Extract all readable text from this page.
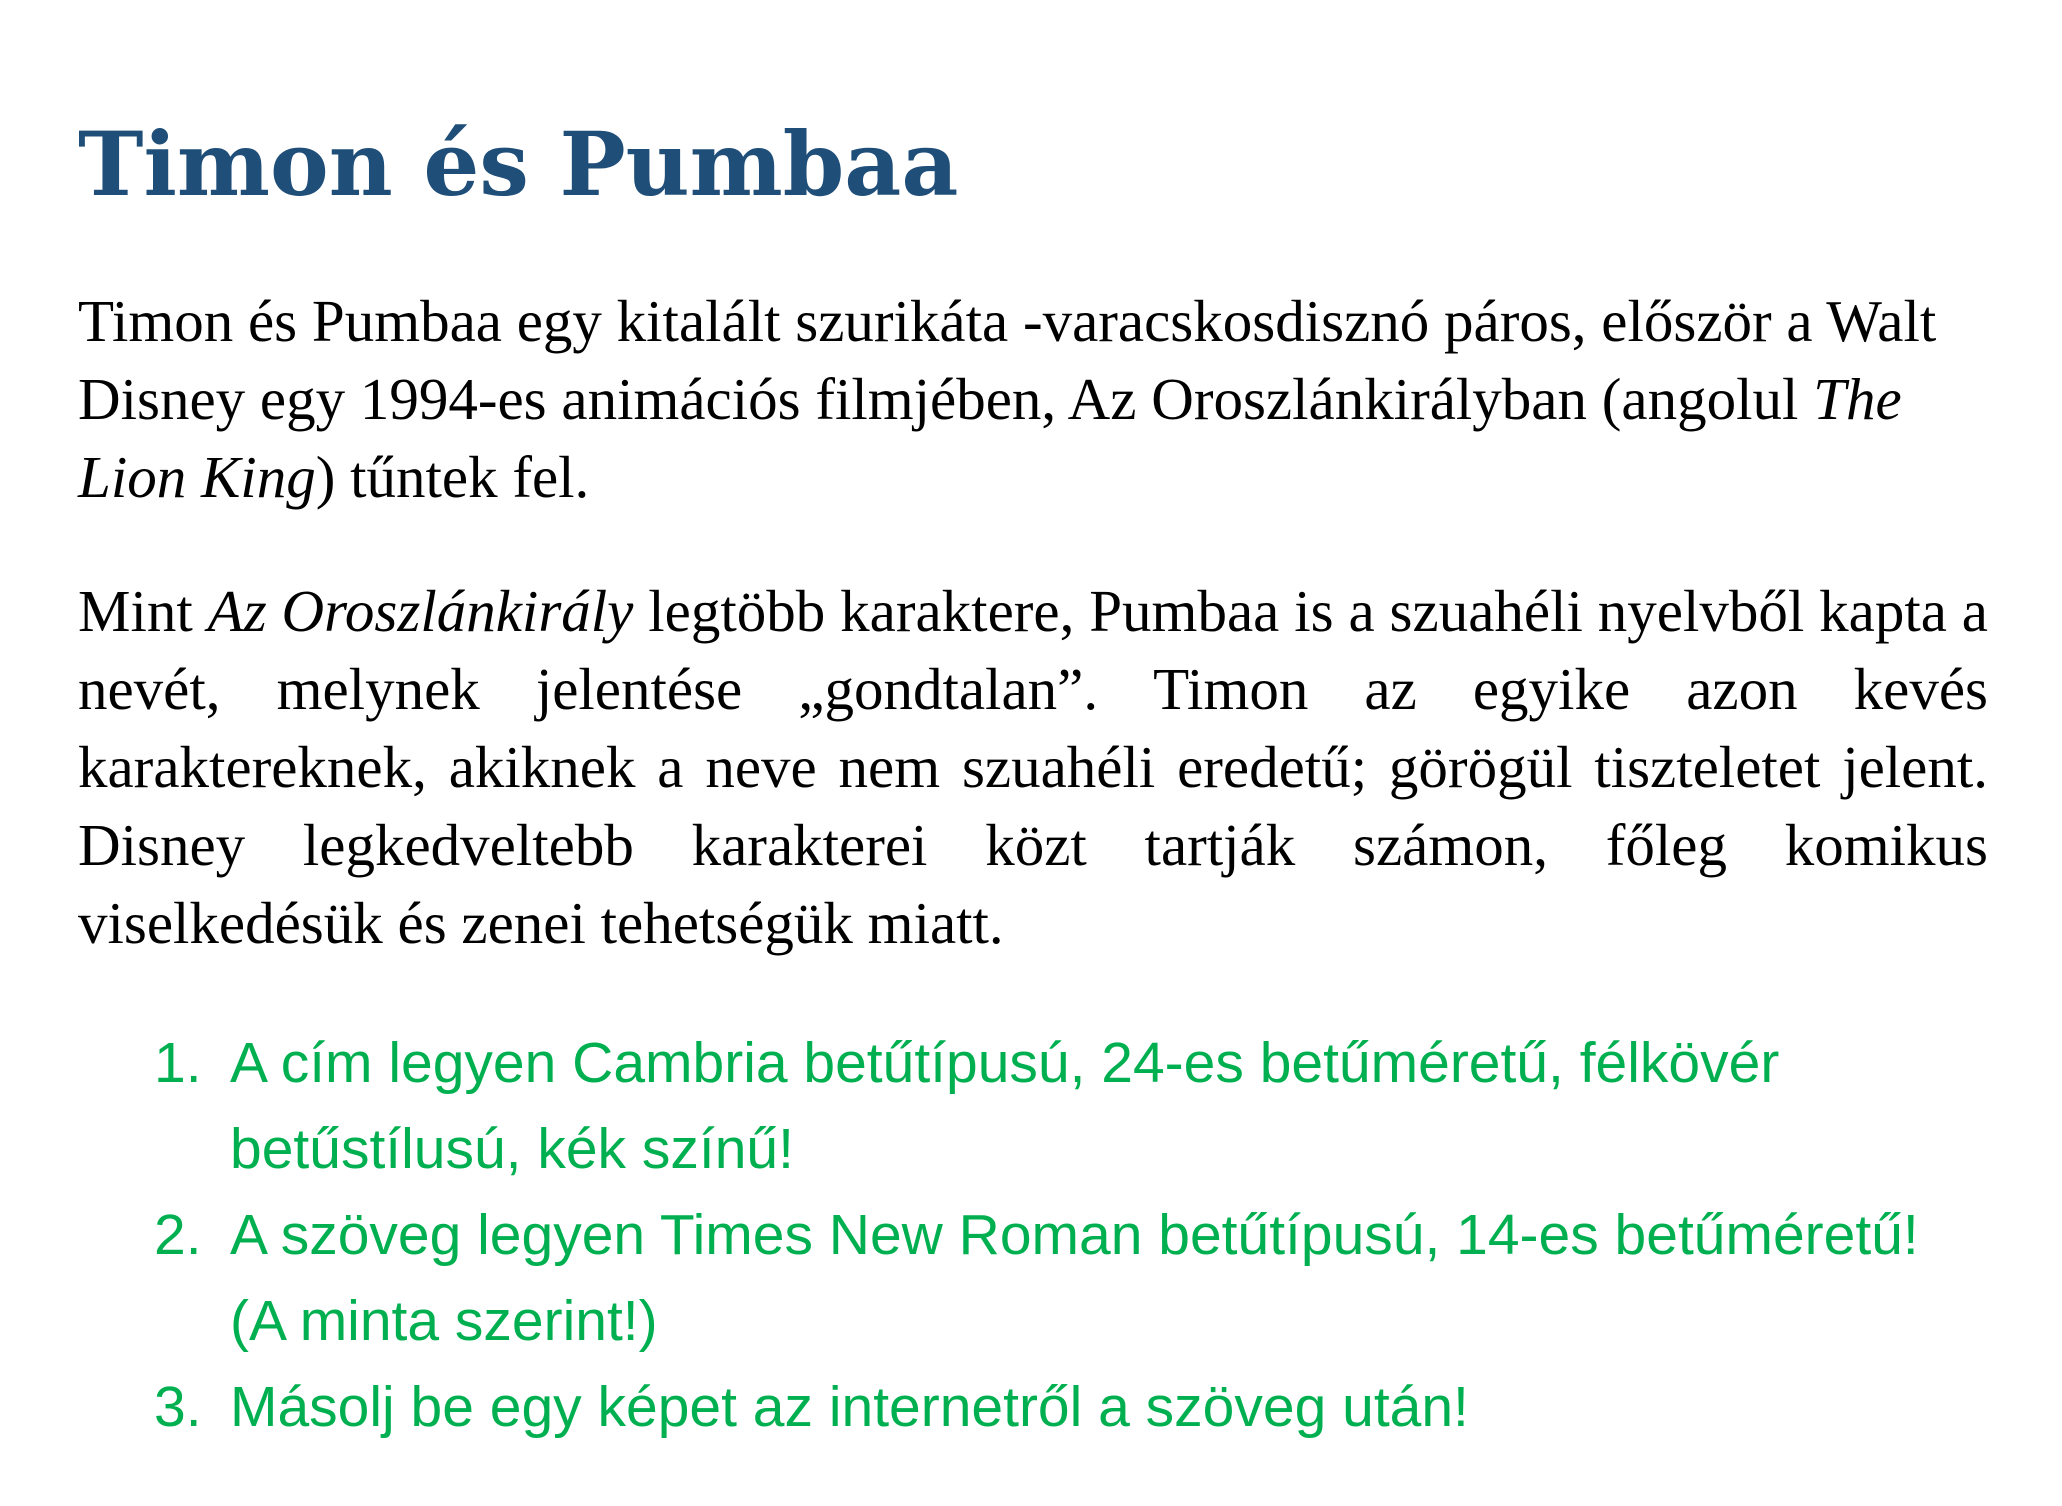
Timon és Pumbaa

Timon és Pumbaa egy kitalált szurikáta -varacskosdisznó páros, először a Walt Disney egy 1994-es animációs filmjében, Az Oroszlánkirályban (angolul The Lion King) tűntek fel.

Mint Az Oroszlánkirály legtöbb karaktere, Pumbaa is a szuahéli nyelvből kapta a nevét, melynek jelentése „gondtalan”. Timon az egyike azon kevés karaktereknek, akiknek a neve nem szuahéli eredetű; görögül tiszteletet jelent. Disney legkedveltebb karakterei közt tartják számon, főleg komikus viselkedésük és zenei tehetségük miatt.

1. A cím legyen Cambria betűtípusú, 24-es betűméretű, félkövér betűstílusú, kék színű!
2. A szöveg legyen Times New Roman betűtípusú, 14-es betűméretű! (A minta szerint!)
3. Másolj be egy képet az internetről a szöveg után!
